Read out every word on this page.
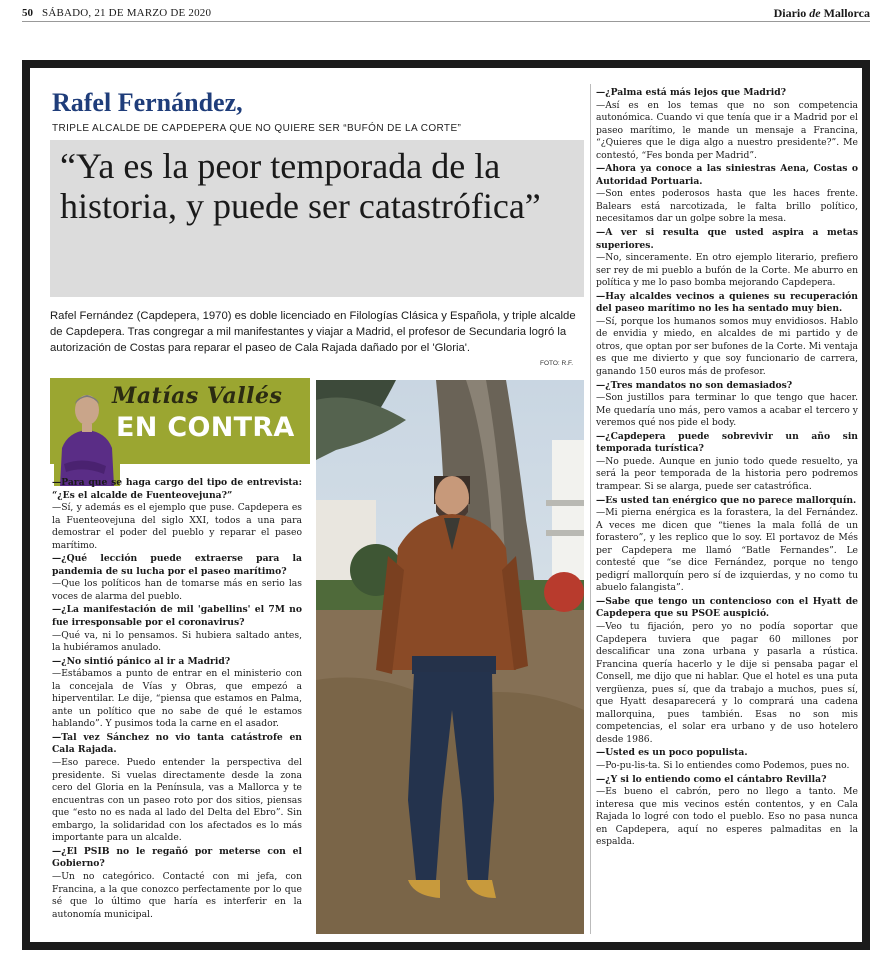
50 SÁBADO, 21 DE MARZO DE 2020	Diario de Mallorca
Rafel Fernández,
TRIPLE ALCALDE DE CAPDEPERA QUE NO QUIERE SER “BUFÓN DE LA CORTE”
“Ya es la peor temporada de la historia, y puede ser catastrófica”
Rafel Fernández (Capdepera, 1970) es doble licenciado en Filologías Clásica y Española, y triple alcalde de Capdepera. Tras congregar a mil manifestantes y viajar a Madrid, el profesor de Secundaria logró la autorización de Costas para reparar el paseo de Cala Rajada dañado por el 'Gloria'.
FOTO: R.F.
Matías Vallés
EN CONTRA
—Para que se haga cargo del tipo de entrevista: “¿Es el alcalde de Fuenteovejuna?”
—Sí, y además es el ejemplo que puse. Capdepera es la Fuenteovejuna del siglo XXI, todos a una para demostrar el poder del pueblo y reparar el paseo marítimo.
—¿Qué lección puede extraerse para la pandemia de su lucha por el paseo marítimo?
—Que los políticos han de tomarse más en serio las voces de alarma del pueblo.
—¿La manifestación de mil 'gabellins' el 7M no fue irresponsable por el coronavirus?
—Qué va, ni lo pensamos. Si hubiera saltado antes, la hubiéramos anulado.
—¿No sintió pánico al ir a Madrid?
—Estábamos a punto de entrar en el ministerio con la concejala de Vías y Obras, que empezó a hiperventilar. Le dije, “piensa que estamos en Palma, ante un político que no sabe de qué le estamos hablando”. Y pusimos toda la carne en el asador.
—Tal vez Sánchez no vio tanta catástrofe en Cala Rajada.
—Eso parece. Puedo entender la perspectiva del presidente. Si vuelas directamente desde la zona cero del Gloria en la Península, vas a Mallorca y te encuentras con un paseo roto por dos sitios, piensas que “esto no es nada al lado del Delta del Ebro”. Sin embargo, la solidaridad con los afectados es lo más importante para un alcalde.
—¿El PSIB no le regañó por meterse con el Gobierno?
—Un no categórico. Contacté con mi jefa, con Francina, a la que conozco perfectamente por lo que sé que lo último que haría es interferir en la autonomía municipal.
—¿Palma está más lejos que Madrid?
—Así es en los temas que no son competencia autonómica. Cuando vi que tenía que ir a Madrid por el paseo marítimo, le mande un mensaje a Francina, “¿Quieres que le diga algo a nuestro presidente?”. Me contestó, “Fes bonda per Madrid”.
—Ahora ya conoce a las siniestras Aena, Costas o Autoridad Portuaria.
—Son entes poderosos hasta que les haces frente. Balears está narcotizada, le falta brillo político, necesitamos dar un golpe sobre la mesa.
—A ver si resulta que usted aspira a metas superiores.
—No, sinceramente. En otro ejemplo literario, prefiero ser rey de mi pueblo a bufón de la Corte. Me aburro en política y me lo paso bomba mejorando Capdepera.
—Hay alcaldes vecinos a quienes su recuperación del paseo marítimo no les ha sentado muy bien.
—Sí, porque los humanos somos muy envidiosos. Hablo de envidia y miedo, en alcaldes de mi partido y de otros, que optan por ser bufones de la Corte. Mi ventaja es que me divierto y que soy funcionario de carrera, ganando 150 euros más de profesor.
—¿Tres mandatos no son demasiados?
—Son justillos para terminar lo que tengo que hacer. Me quedaría uno más, pero vamos a acabar el tercero y veremos qué nos pide el body.
—¿Capdepera puede sobrevivir un año sin temporada turística?
—No puede. Aunque en junio todo quede resuelto, ya será la peor temporada de la historia pero podremos trampear. Si se alarga, puede ser catastrófica.
—Es usted tan enérgico que no parece mallorquín.
—Mi pierna enérgica es la forastera, la del Fernández. A veces me dicen que “tienes la mala follá de un forastero”, y les replico que lo soy. El portavoz de Més per Capdepera me llamó “Batle Fernandes”. Le contesté que “se dice Fernández, porque no tengo pedigrí mallorquín pero sí de izquierdas, y no como tu abuelo falangista”.
—Sabe que tengo un contencioso con el Hyatt de Capdepera que su PSOE auspició.
—Veo tu fijación, pero yo no podía soportar que Capdepera tuviera que pagar 60 millones por descalificar una zona urbana y pasarla a rústica. Francina quería hacerlo y le dije si pensaba pagar el Consell, me dijo que ni hablar. Que el hotel es una puta vergüenza, pues sí, que da trabajo a muchos, pues sí, que Hyatt desaparecerá y lo comprará una cadena mallorquina, pues también. Esas no son mis competencias, el solar era urbano y de uso hotelero desde 1986.
—Usted es un poco populista.
—Po-pu-lis-ta. Si lo entiendes como Podemos, pues no.
—¿Y si lo entiendo como el cántabro Revilla?
—Es bueno el cabrón, pero no llego a tanto. Me interesa que mis vecinos estén contentos, y en Cala Rajada lo logré con todo el pueblo. Eso no pasa nunca en Capdepera, aquí no esperes palmaditas en la espalda.
